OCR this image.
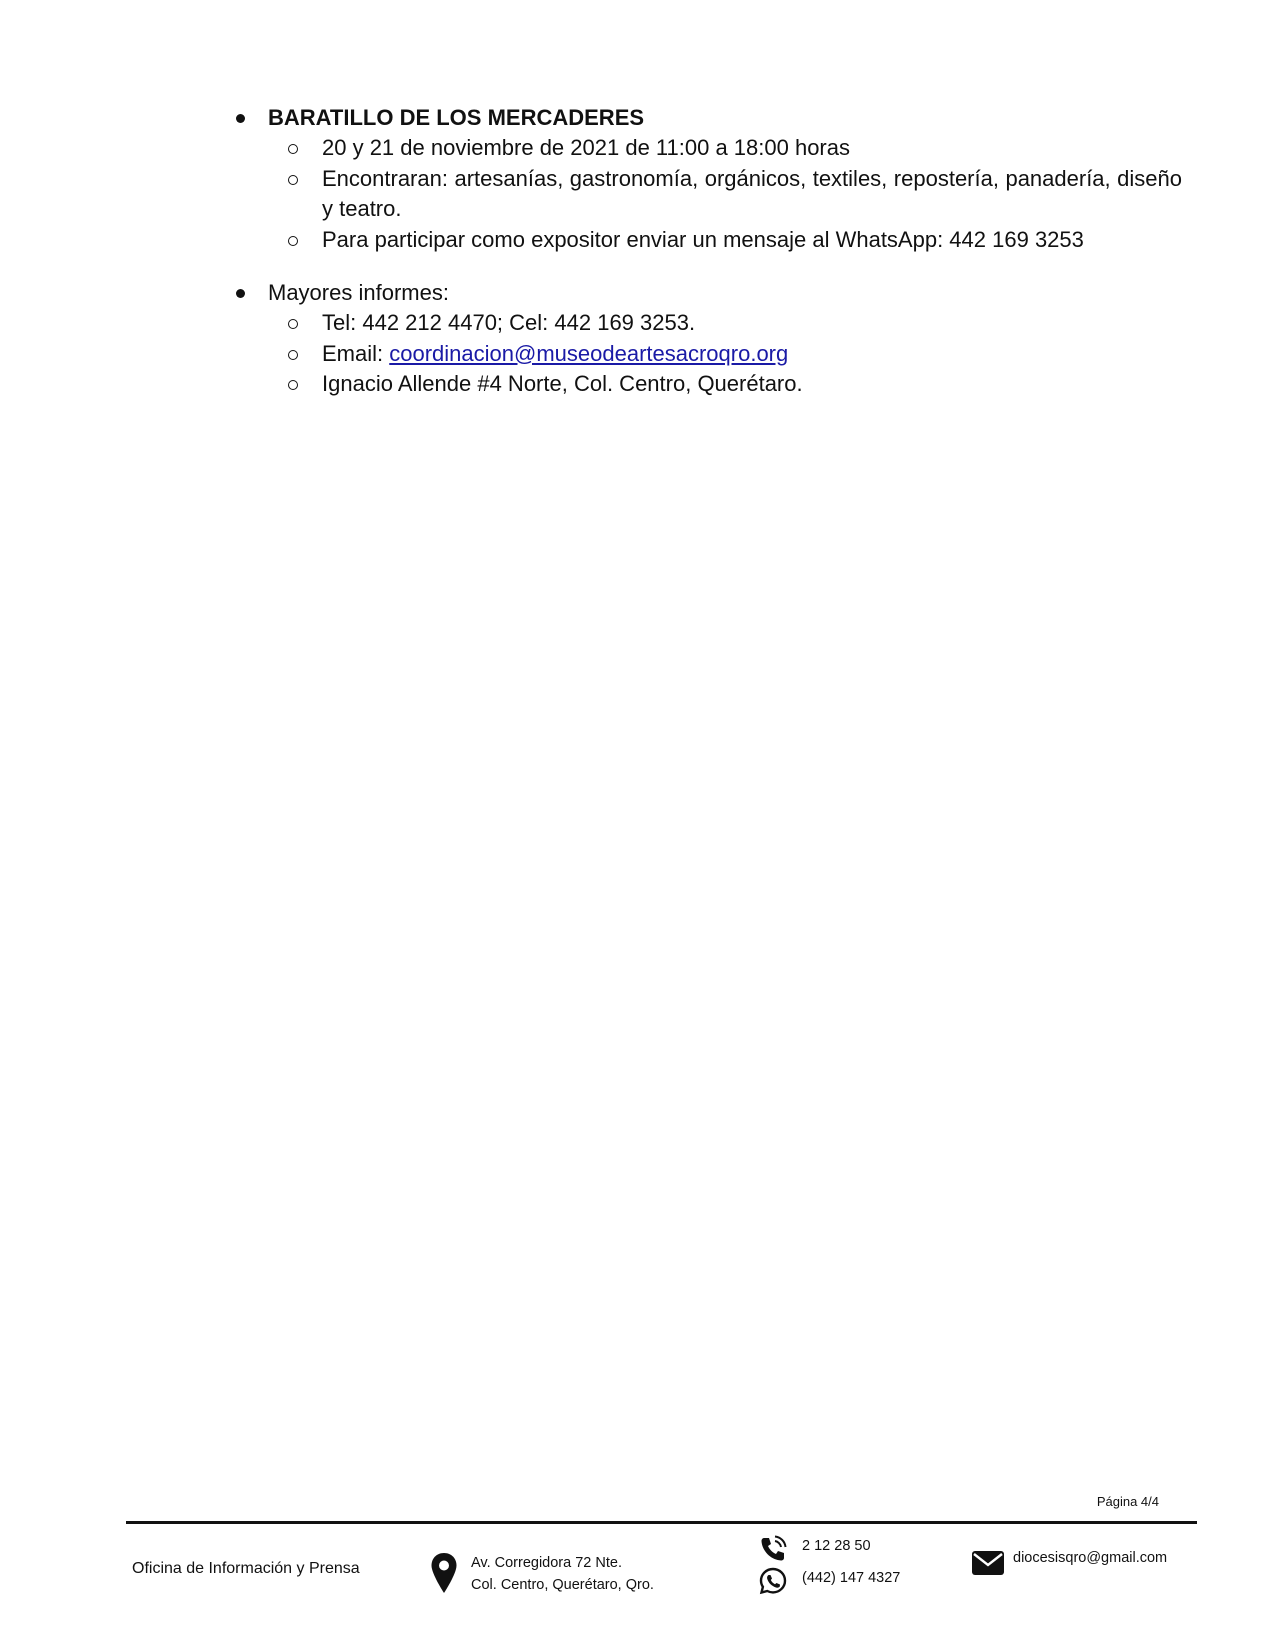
BARATILLO DE LOS MERCADERES
20 y 21 de noviembre de 2021 de 11:00 a 18:00 horas
Encontraran: artesanías, gastronomía, orgánicos, textiles, repostería, panadería, diseño y teatro.
Para participar como expositor enviar un mensaje al WhatsApp: 442 169 3253
Mayores informes:
Tel: 442 212 4470; Cel: 442 169 3253.
Email: coordinacion@museodeartesacroqro.org
Ignacio Allende #4 Norte, Col. Centro, Querétaro.
Página 4/4
Oficina de Información y Prensa	Av. Corregidora 72 Nte.
Col. Centro, Querétaro, Qro.
2 12 28 50
(442) 147 4327
diocesisqro@gmail.com
